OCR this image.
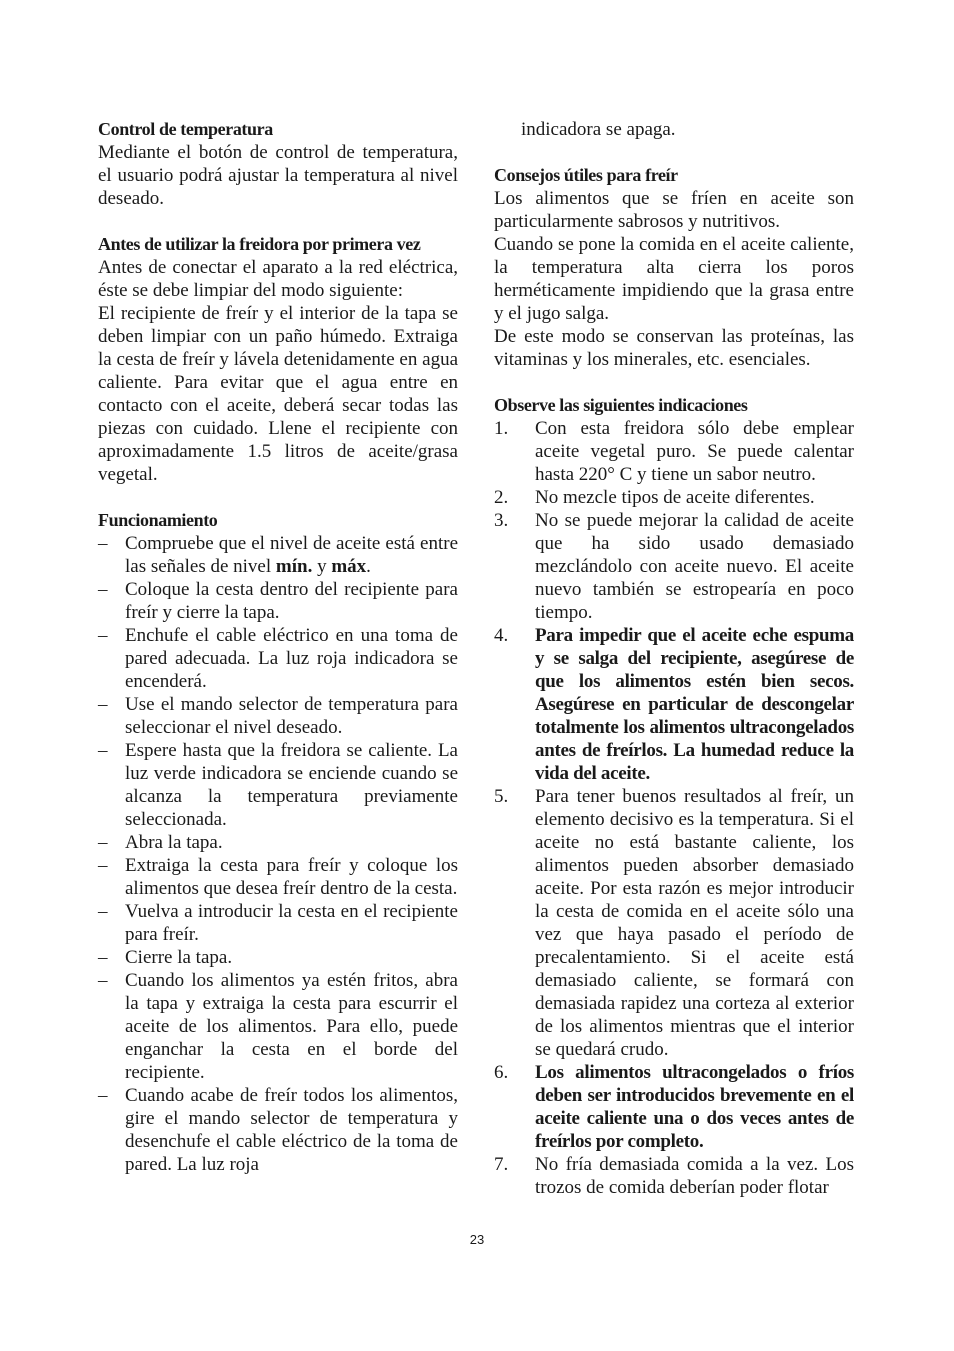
Control de temperatura

Mediante el botón de control de temperatura, el usuario podrá ajustar la temperatura al nivel deseado.

Antes de utilizar la freidora por primera vez

Antes de conectar el aparato a la red eléctrica, éste se debe limpiar del modo siguiente:

El recipiente de freír y el interior de la tapa se deben limpiar con un paño húmedo. Extraiga la cesta de freír y lávela detenidamente en agua caliente. Para evitar que el agua entre en contacto con el aceite, deberá secar todas las piezas con cuidado. Llene el recipiente con aproximadamente 1.5 litros de aceite/grasa vegetal.

Funcionamiento
– Compruebe que el nivel de aceite está entre las señales de nivel mín. y máx.
– Coloque la cesta dentro del recipiente para freír y cierre la tapa.
– Enchufe el cable eléctrico en una toma de pared adecuada. La luz roja indicadora se encenderá.
– Use el mando selector de temperatura para seleccionar el nivel deseado.
– Espere hasta que la freidora se caliente. La luz verde indicadora se enciende cuando se alcanza la temperatura previamente seleccionada.
– Abra la tapa.
– Extraiga la cesta para freír y coloque los alimentos que desea freír dentro de la cesta.
– Vuelva a introducir la cesta en el recipiente para freír.
– Cierre la tapa.
– Cuando los alimentos ya estén fritos, abra la tapa y extraiga la cesta para escurrir el aceite de los alimentos. Para ello, puede enganchar la cesta en el borde del recipiente.
– Cuando acabe de freír todos los alimentos, gire el mando selector de temperatura y desenchufe el cable eléctrico de la toma de pared. La luz roja

indicadora se apaga.

Consejos útiles para freír

Los alimentos que se fríen en aceite son particularmente sabrosos y nutritivos.

Cuando se pone la comida en el aceite caliente, la temperatura alta cierra los poros herméticamente impidiendo que la grasa entre y el jugo salga.

De este modo se conservan las proteínas, las vitaminas y los minerales, etc. esenciales.

Observe las siguientes indicaciones
1.	Con esta freidora sólo debe emplear aceite vegetal puro. Se puede calentar hasta 220° C y tiene un sabor neutro.
2.	No mezcle tipos de aceite diferentes.
3.	No se puede mejorar la calidad de aceite que ha sido usado demasiado mezclándolo con aceite nuevo. El aceite nuevo también se estropearía en poco tiempo.
4.	Para impedir que el aceite eche espuma y se salga del recipiente, asegúrese de que los alimentos estén bien secos. Asegúrese en particular de descongelar totalmente los alimentos ultracongelados antes de freírlos. La humedad reduce la vida del aceite.
5.	Para tener buenos resultados al freír, un elemento decisivo es la temperatura. Si el aceite no está bastante caliente, los alimentos pueden absorber demasiado aceite. Por esta razón es mejor introducir la cesta de comida en el aceite sólo una vez que haya pasado el período de precalentamiento. Si el aceite está demasiado caliente, se formará con demasiada rapidez una corteza al exterior de los alimentos mientras que el interior se quedará crudo.
6.	Los alimentos ultracongelados o fríos deben ser introducidos brevemente en el aceite caliente una o dos veces antes de freírlos por completo.
7.	No fría demasiada comida a la vez. Los trozos de comida deberían poder flotar
23
